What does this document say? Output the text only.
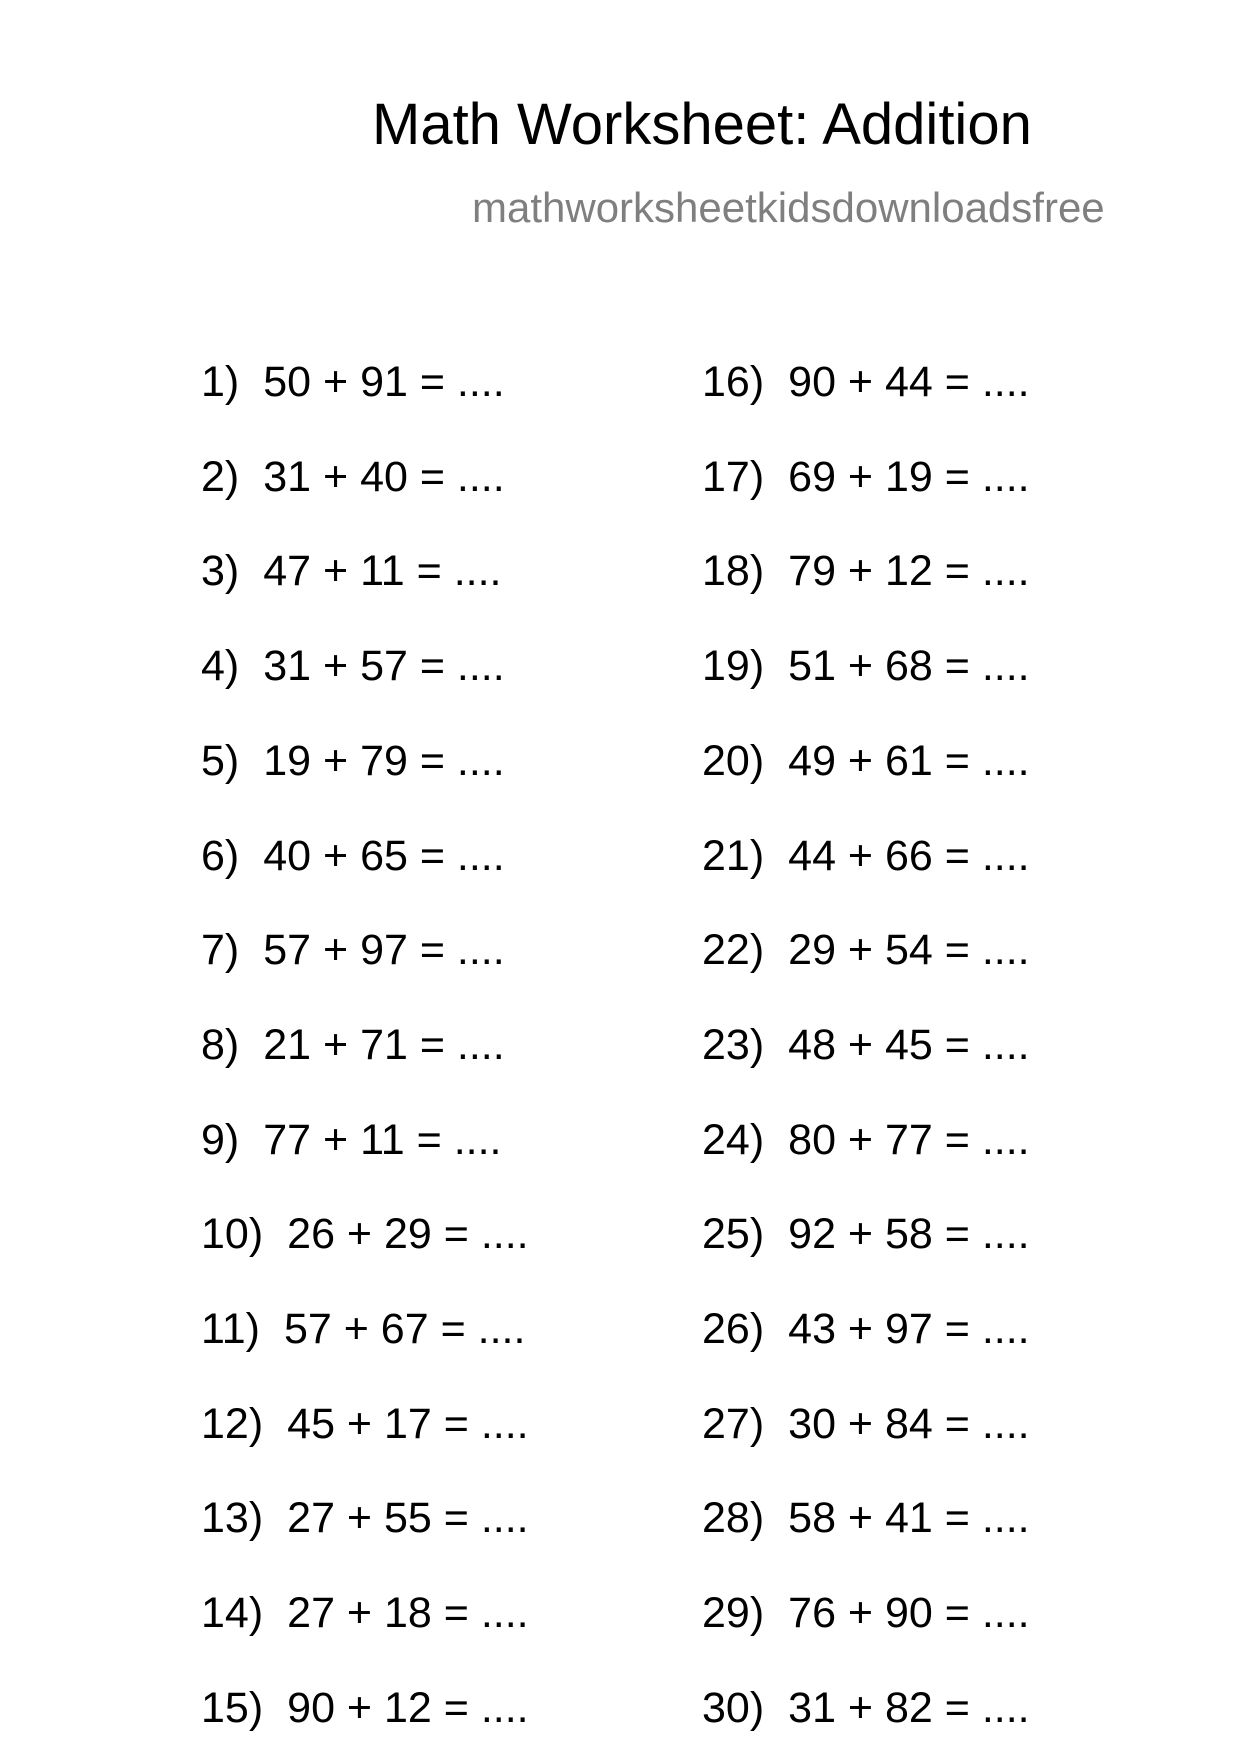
Math Worksheet: Addition
mathworksheetkidsdownloadsfree
1) 50 + 91 = ....
2) 31 + 40 = ....
3) 47 + 11 = ....
4) 31 + 57 = ....
5) 19 + 79 = ....
6) 40 + 65 = ....
7) 57 + 97 = ....
8) 21 + 71 = ....
9) 77 + 11 = ....
10) 26 + 29 = ....
11) 57 + 67 = ....
12) 45 + 17 = ....
13) 27 + 55 = ....
14) 27 + 18 = ....
15) 90 + 12 = ....
16) 90 + 44 = ....
17) 69 + 19 = ....
18) 79 + 12 = ....
19) 51 + 68 = ....
20) 49 + 61 = ....
21) 44 + 66 = ....
22) 29 + 54 = ....
23) 48 + 45 = ....
24) 80 + 77 = ....
25) 92 + 58 = ....
26) 43 + 97 = ....
27) 30 + 84 = ....
28) 58 + 41 = ....
29) 76 + 90 = ....
30) 31 + 82 = ....
